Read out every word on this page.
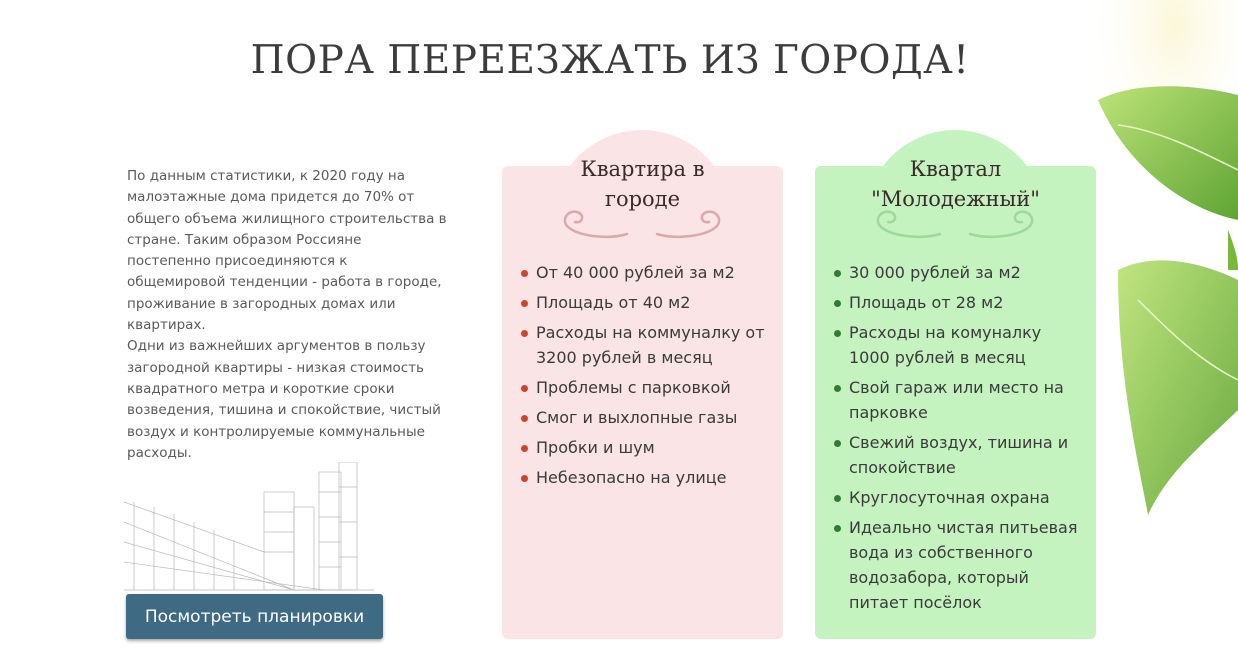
ПОРА ПЕРЕЕЗЖАТЬ ИЗ ГОРОДА!

По данным статистики, к 2020 году на малоэтажные дома придется до 70% от общего объема жилищного строительства в стране. Таким образом Россияне постепенно присоединяются к общемировой тенденции - работа в городе, проживание в загородных домах или квартирах.

Одни из важнейших аргументов в пользу загородной квартиры - низкая стоимость квадратного метра и короткие сроки возведения, тишина и спокойствие, чистый воздух и контролируемые коммунальные расходы.

Посмотреть планировки
Квартира в
городе
От 40 000 рублей за м2
Площадь от 40 м2
Расходы на коммуналку от 3200 рублей в месяц
Проблемы с парковкой
Смог и выхлопные газы
Пробки и шум
Небезопасно на улице
Квартал
"Молодежный"
30 000 рублей за м2
Площадь от 28 м2
Расходы на комуналку 1000 рублей в месяц
Свой гараж или место на парковке
Свежий воздух, тишина и спокойствие
Круглосуточная охрана
Идеально чистая питьевая вода из собственного водозабора, который питает посёлок
